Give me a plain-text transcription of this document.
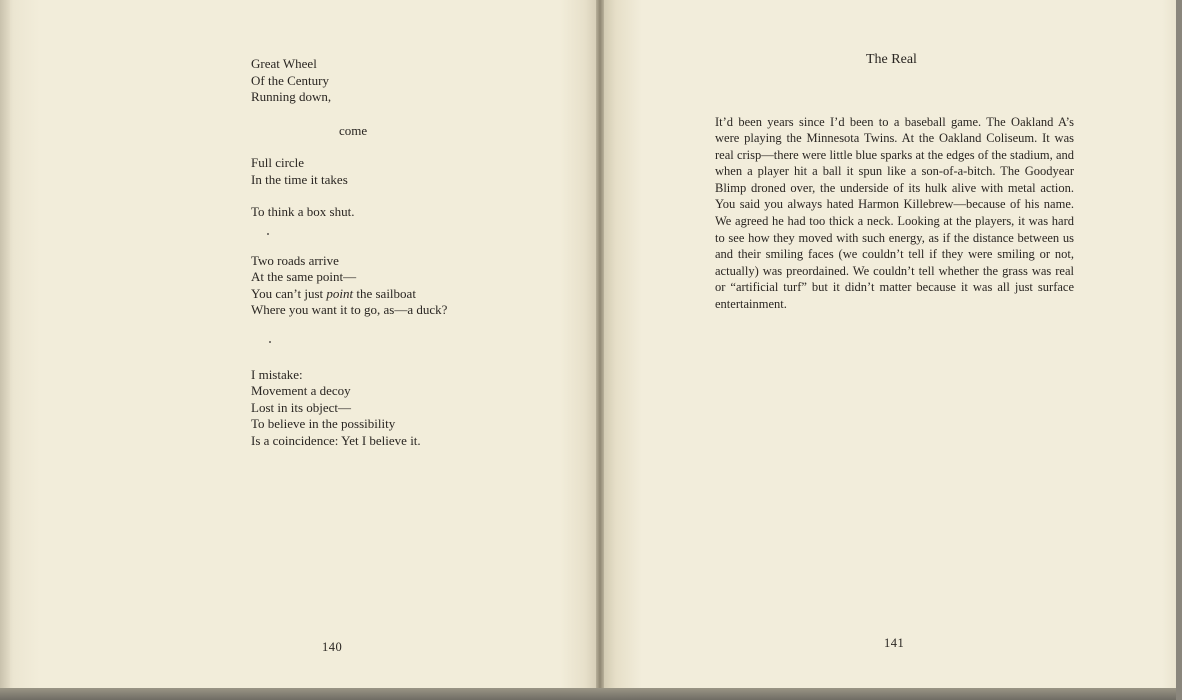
Great Wheel
Of the Century
Running down,
come
Full circle
In the time it takes
To think a box shut.
Two roads arrive
At the same point—
You can’t just point the sailboat
Where you want it to go, as—a duck?
I mistake:
Movement a decoy
Lost in its object—
To believe in the possibility
Is a coincidence: Yet I believe it.
140
The Real

It’d been years since I’d been to a baseball game. The Oakland A’s were playing the Minnesota Twins. At the Oakland Coliseum. It was real crisp—there were little blue sparks at the edges of the stadium, and when a player hit a ball it spun like a son-of-a-bitch. The Goodyear Blimp droned over, the underside of its hulk alive with metal action. You said you always hated Harmon Killebrew—because of his name. We agreed he had too thick a neck. Looking at the players, it was hard to see how they moved with such energy, as if the distance between us and their smiling faces (we couldn’t tell if they were smiling or not, actually) was preordained. We couldn’t tell whether the grass was real or “artificial turf” but it didn’t matter because it was all just surface entertainment.

141
